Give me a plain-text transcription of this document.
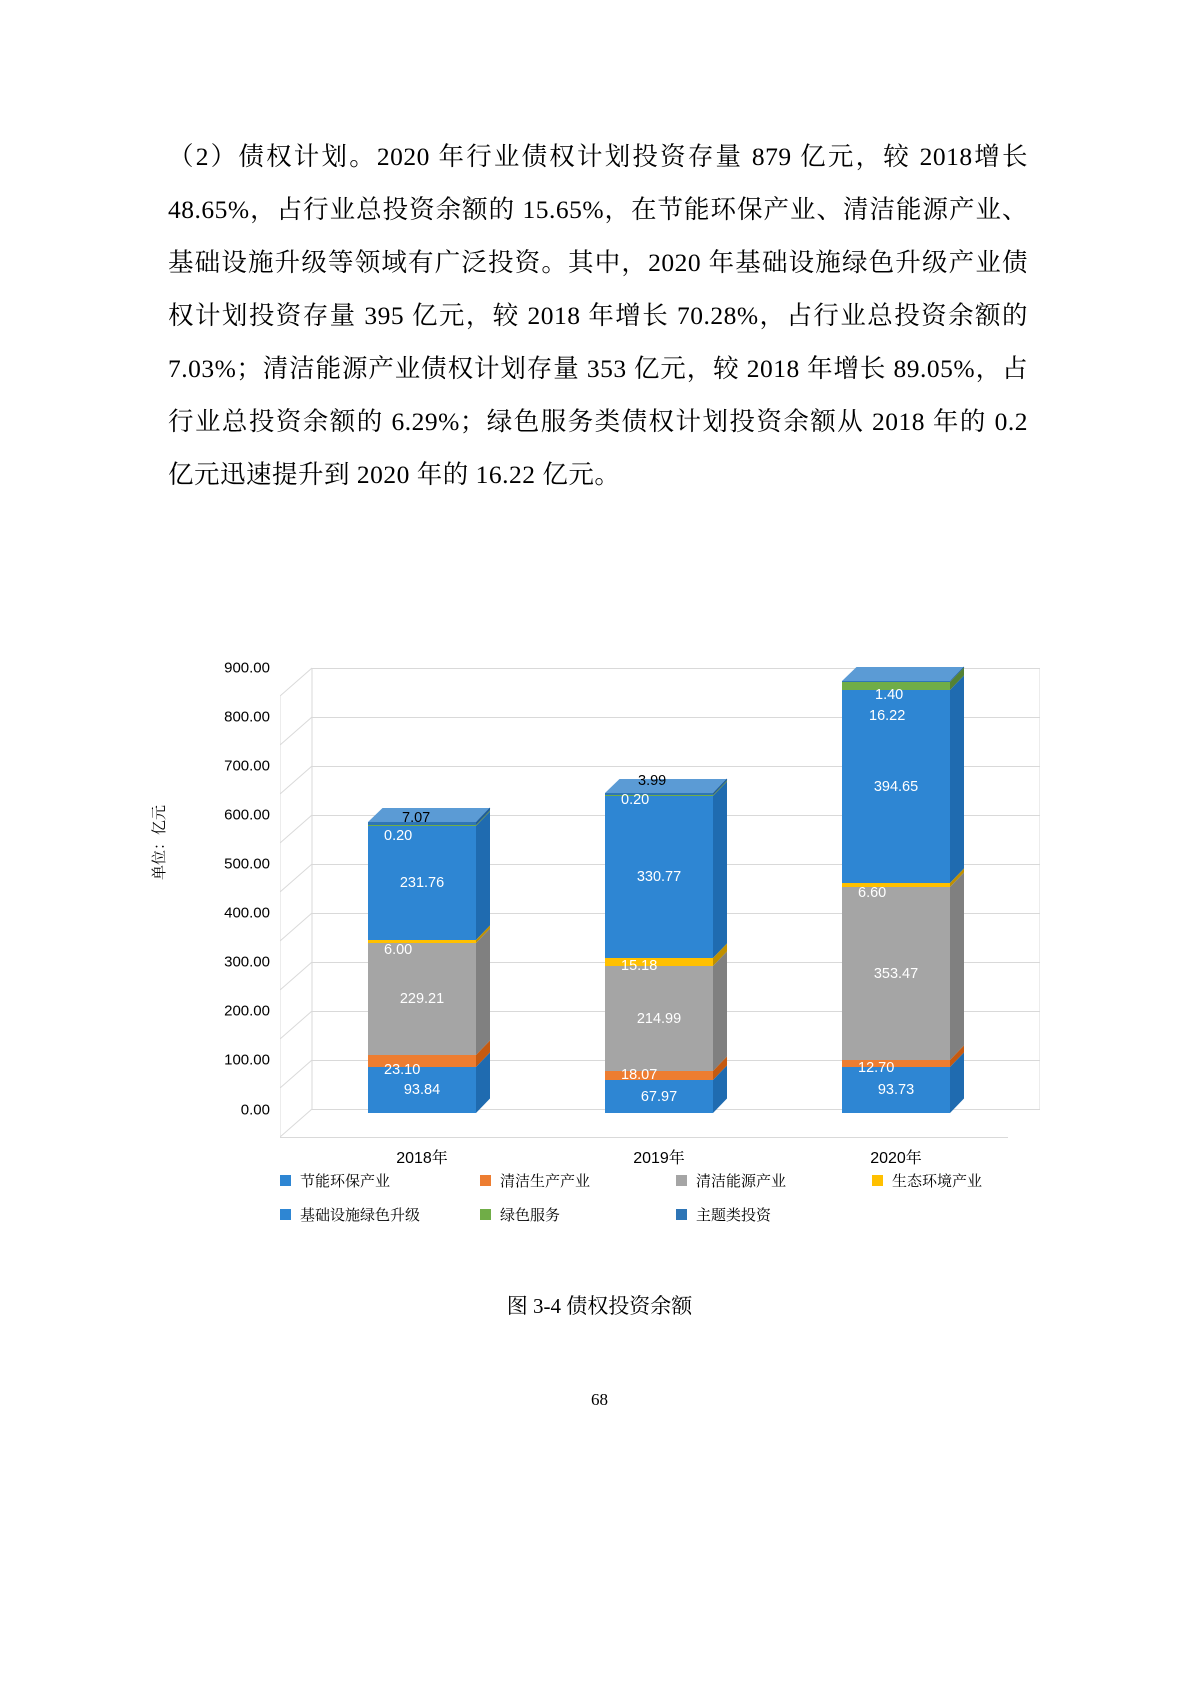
（2）债权计划。2020 年行业债权计划投资存量 879 亿元，较 2018增长 48.65%，占行业总投资余额的 15.65%，在节能环保产业、清洁能源产业、基础设施升级等领域有广泛投资。其中，2020 年基础设施绿色升级产业债权计划投资存量 395 亿元，较 2018 年增长 70.28%，占行业总投资余额的 7.03%；清洁能源产业债权计划存量 353 亿元，较 2018 年增长 89.05%，占行业总投资余额的 6.29%；绿色服务类债权计划投资余额从 2018 年的 0.2 亿元迅速提升到 2020 年的 16.22 亿元。

单位：亿元
0.00
100.00
200.00
300.00
400.00
500.00
600.00
700.00
800.00
900.00
231.76
229.21
93.84
2018年
7.07
0.20
6.00
23.10
330.77
214.99
67.97
2019年
3.99
0.20
15.18
18.07
394.65
353.47
93.73
2020年
1.40
16.22
6.60
12.70
节能环保产业	清洁生产产业	清洁能源产业	生态环境产业
基础设施绿色升级	绿色服务	主题类投资
图 3-4 债权投资余额
68
